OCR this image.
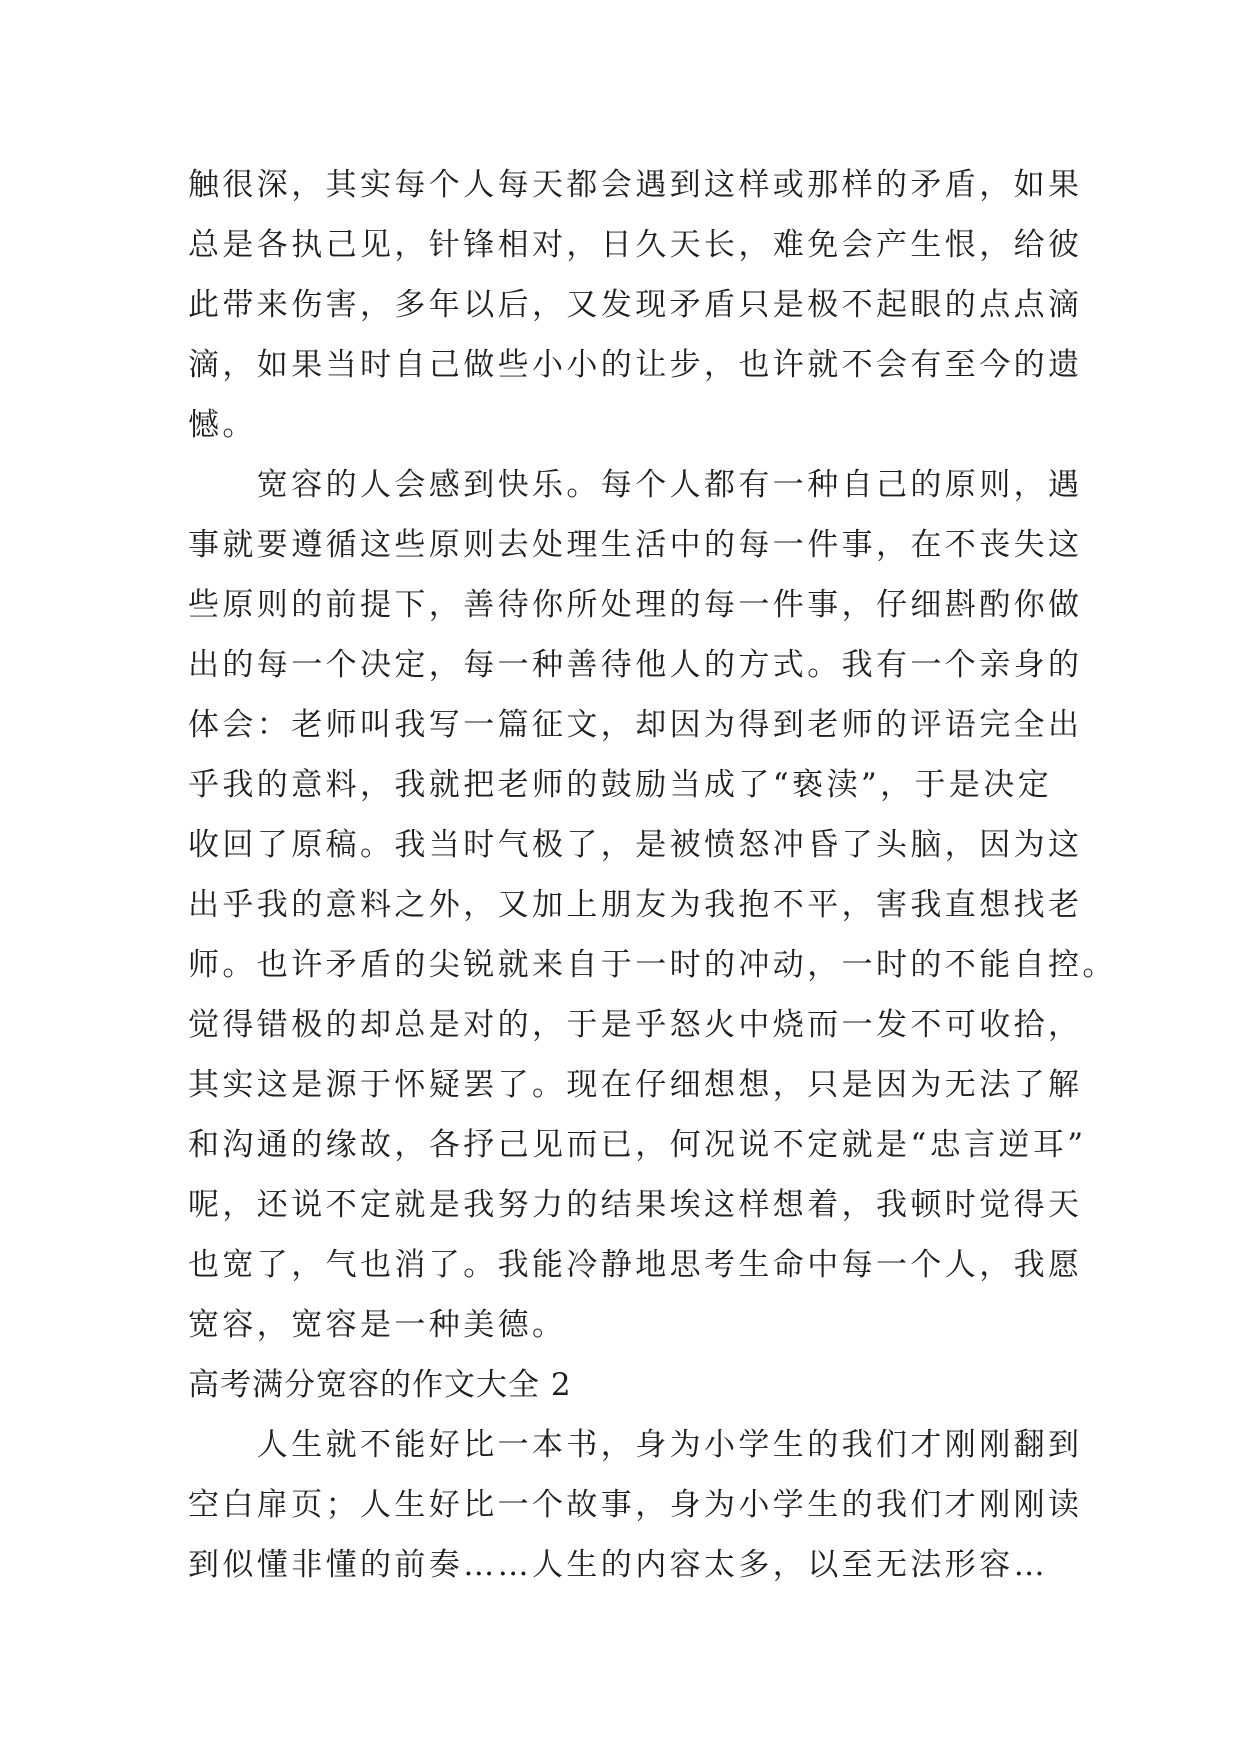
触很深，其实每个人每天都会遇到这样或那样的矛盾，如果
总是各执己见，针锋相对，日久天长，难免会产生恨，给彼
此带来伤害，多年以后，又发现矛盾只是极不起眼的点点滴
滴，如果当时自己做些小小的让步，也许就不会有至今的遗
憾。
　　宽容的人会感到快乐。每个人都有一种自己的原则，遇
事就要遵循这些原则去处理生活中的每一件事，在不丧失这
些原则的前提下，善待你所处理的每一件事，仔细斟酌你做
出的每一个决定，每一种善待他人的方式。我有一个亲身的
体会：老师叫我写一篇征文，却因为得到老师的评语完全出
乎我的意料，我就把老师的鼓励当成了“亵渎”，于是决定
收回了原稿。我当时气极了，是被愤怒冲昏了头脑，因为这
出乎我的意料之外，又加上朋友为我抱不平，害我直想找老
师。也许矛盾的尖锐就来自于一时的冲动，一时的不能自控。
觉得错极的却总是对的，于是乎怒火中烧而一发不可收拾，
其实这是源于怀疑罢了。现在仔细想想，只是因为无法了解
和沟通的缘故，各抒己见而已，何况说不定就是“忠言逆耳”
呢，还说不定就是我努力的结果埃这样想着，我顿时觉得天
也宽了，气也消了。我能冷静地思考生命中每一个人，我愿
宽容，宽容是一种美德。
高考满分宽容的作文大全 2
　　人生就不能好比一本书，身为小学生的我们才刚刚翻到
空白扉页；人生好比一个故事，身为小学生的我们才刚刚读
到似懂非懂的前奏……人生的内容太多，以至无法形容…
